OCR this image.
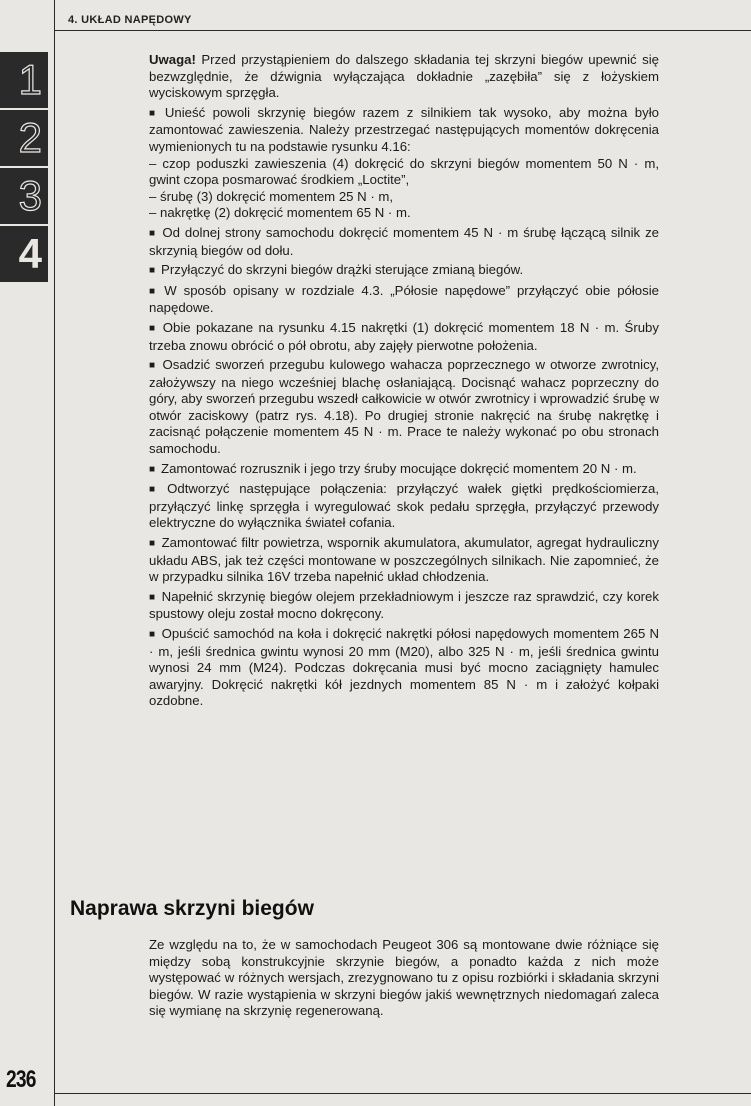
4. UKŁAD NAPĘDOWY
1
2
3
4

Uwaga! Przed przystąpieniem do dalszego składania tej skrzyni biegów upewnić się bezwzględnie, że dźwignia wyłączająca dokładnie „zazębiła” się z łożyskiem wyciskowym sprzęgła.

■ Unieść powoli skrzynię biegów razem z silnikiem tak wysoko, aby można było zamontować zawieszenia. Należy przestrzegać następujących momentów dokręcenia wymienionych tu na podstawie rysunku 4.16:

– czop poduszki zawieszenia (4) dokręcić do skrzyni biegów momentem 50 N · m, gwint czopa posmarować środkiem „Loctite”,

– śrubę (3) dokręcić momentem 25 N · m,

– nakrętkę (2) dokręcić momentem 65 N · m.

■ Od dolnej strony samochodu dokręcić momentem 45 N · m śrubę łączącą silnik ze skrzynią biegów od dołu.

■ Przyłączyć do skrzyni biegów drążki sterujące zmianą biegów.

■ W sposób opisany w rozdziale 4.3. „Półosie napędowe” przyłączyć obie półosie napędowe.

■ Obie pokazane na rysunku 4.15 nakrętki (1) dokręcić momentem 18 N · m. Śruby trzeba znowu obrócić o pół obrotu, aby zajęły pierwotne położenia.

■ Osadzić sworzeń przegubu kulowego wahacza poprzecznego w otworze zwrotnicy, założywszy na niego wcześniej blachę osłaniającą. Docisnąć wahacz poprzeczny do góry, aby sworzeń przegubu wszedł całkowicie w otwór zwrotnicy i wprowadzić śrubę w otwór zaciskowy (patrz rys. 4.18). Po drugiej stronie nakręcić na śrubę nakrętkę i zacisnąć połączenie momentem 45 N · m. Prace te należy wykonać po obu stronach samochodu.

■ Zamontować rozrusznik i jego trzy śruby mocujące dokręcić momentem 20 N · m.

■ Odtworzyć następujące połączenia: przyłączyć wałek giętki prędkościomierza, przyłączyć linkę sprzęgła i wyregulować skok pedału sprzęgła, przyłączyć przewody elektryczne do wyłącznika świateł cofania.

■ Zamontować filtr powietrza, wspornik akumulatora, akumulator, agregat hydrauliczny układu ABS, jak też części montowane w poszczególnych silnikach. Nie zapomnieć, że w przypadku silnika 16V trzeba napełnić układ chłodzenia.

■ Napełnić skrzynię biegów olejem przekładniowym i jeszcze raz sprawdzić, czy korek spustowy oleju został mocno dokręcony.

■ Opuścić samochód na koła i dokręcić nakrętki półosi napędowych momentem 265 N · m, jeśli średnica gwintu wynosi 20 mm (M20), albo 325 N · m, jeśli średnica gwintu wynosi 24 mm (M24). Podczas dokręcania musi być mocno zaciągnięty hamulec awaryjny. Dokręcić nakrętki kół jezdnych momentem 85 N · m i założyć kołpaki ozdobne.

Naprawa skrzyni biegów

Ze względu na to, że w samochodach Peugeot 306 są montowane dwie różniące się między sobą konstrukcyjnie skrzynie biegów, a ponadto każda z nich może występować w różnych wersjach, zrezygnowano tu z opisu rozbiórki i składania skrzyni biegów. W razie wystąpienia w skrzyni biegów jakiś wewnętrznych niedomagań zaleca się wymianę na skrzynię regenerowaną.

236
